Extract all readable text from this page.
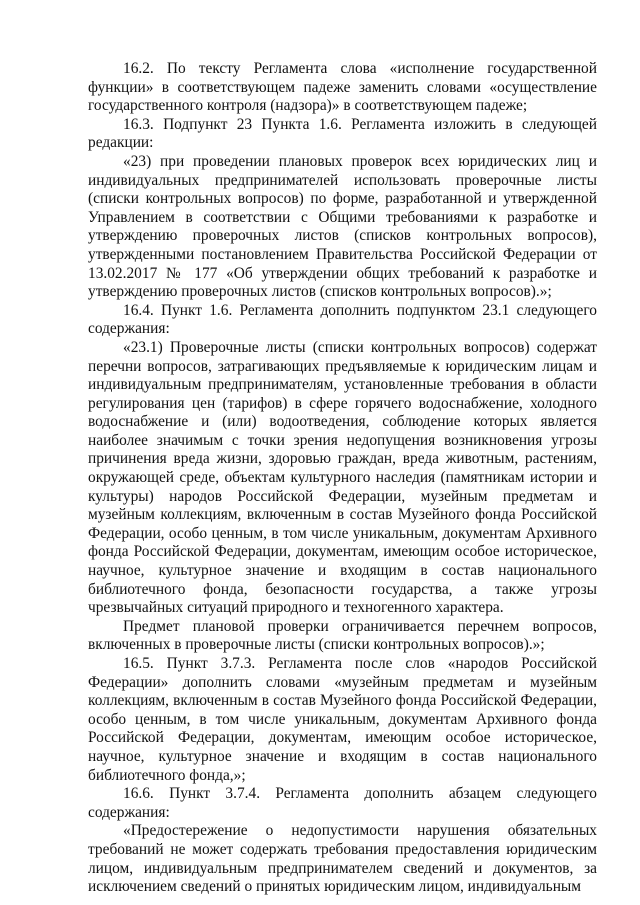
16.2. По тексту Регламента слова «исполнение государственной функции» в соответствующем падеже заменить словами «осуществление государственного контроля (надзора)» в соответствующем падеже;

16.3. Подпункт 23 Пункта 1.6. Регламента изложить в следующей редакции:

«23) при проведении плановых проверок всех юридических лиц и индивидуальных предпринимателей использовать проверочные листы (списки контрольных вопросов) по форме, разработанной и утвержденной Управлением в соответствии с Общими требованиями к разработке и утверждению проверочных листов (списков контрольных вопросов), утвержденными постановлением Правительства Российской Федерации от 13.02.2017 № 177 «Об утверждении общих требований к разработке и утверждению проверочных листов (списков контрольных вопросов).»;

16.4. Пункт 1.6. Регламента дополнить подпунктом 23.1 следующего содержания:

«23.1) Проверочные листы (списки контрольных вопросов) содержат перечни вопросов, затрагивающих предъявляемые к юридическим лицам и индивидуальным предпринимателям, установленные требования в области регулирования цен (тарифов) в сфере горячего водоснабжение, холодного водоснабжение и (или) водоотведения, соблюдение которых является наиболее значимым с точки зрения недопущения возникновения угрозы причинения вреда жизни, здоровью граждан, вреда животным, растениям, окружающей среде, объектам культурного наследия (памятникам истории и культуры) народов Российской Федерации, музейным предметам и музейным коллекциям, включенным в состав Музейного фонда Российской Федерации, особо ценным, в том числе уникальным, документам Архивного фонда Российской Федерации, документам, имеющим особое историческое, научное, культурное значение и входящим в состав национального библиотечного фонда, безопасности государства, а также угрозы чрезвычайных ситуаций природного и техногенного характера.

Предмет плановой проверки ограничивается перечнем вопросов, включенных в проверочные листы (списки контрольных вопросов).»;

16.5. Пункт 3.7.3. Регламента после слов «народов Российской Федерации» дополнить словами «музейным предметам и музейным коллекциям, включенным в состав Музейного фонда Российской Федерации, особо ценным, в том числе уникальным, документам Архивного фонда Российской Федерации, документам, имеющим особое историческое, научное, культурное значение и входящим в состав национального библиотечного фонда,»;

16.6. Пункт 3.7.4. Регламента дополнить абзацем следующего содержания:

«Предостережение о недопустимости нарушения обязательных требований не может содержать требования предоставления юридическим лицом, индивидуальным предпринимателем сведений и документов, за исключением сведений о принятых юридическим лицом, индивидуальным
